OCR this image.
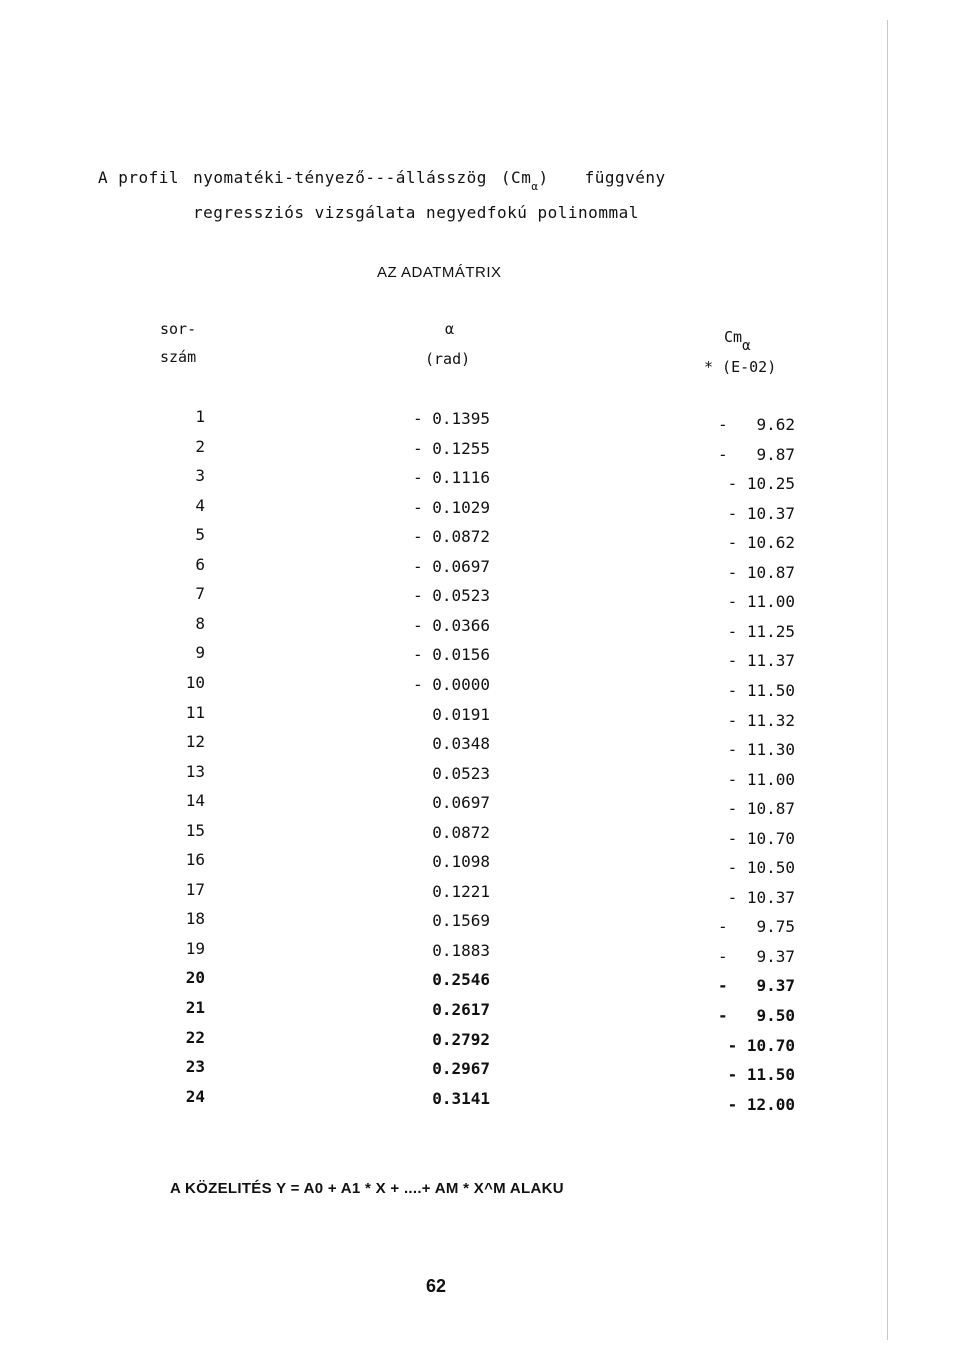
A profil nyomatéki-tényező---állásszög $(Cm_\alpha)$ függvény
regressziós vizsgálata negyedfokú polinommal
AZ ADATMÁTRIX
sor-
szám
α
(rad)
Cmα
* (E-02)
1	- 0.1395	-   9.62
2	- 0.1255	-   9.87
3	- 0.1116	- 10.25
4	- 0.1029	- 10.37
5	- 0.0872	- 10.62
6	- 0.0697	- 10.87
7	- 0.0523	- 11.00
8	- 0.0366	- 11.25
9	- 0.0156	- 11.37
10	- 0.0000	- 11.50
11	0.0191	- 11.32
12	0.0348	- 11.30
13	0.0523	- 11.00
14	0.0697	- 10.87
15	0.0872	- 10.70
16	0.1098	- 10.50
17	0.1221	- 10.37
18	0.1569	-   9.75
19	0.1883	-   9.37
20	0.2546	-   9.37
21	0.2617	-   9.50
22	0.2792	- 10.70
23	0.2967	- 11.50
24	0.3141	- 12.00
A KÖZELITÉS Y = A0 + A1 * X + ....+ AM * X^M ALAKU
62
